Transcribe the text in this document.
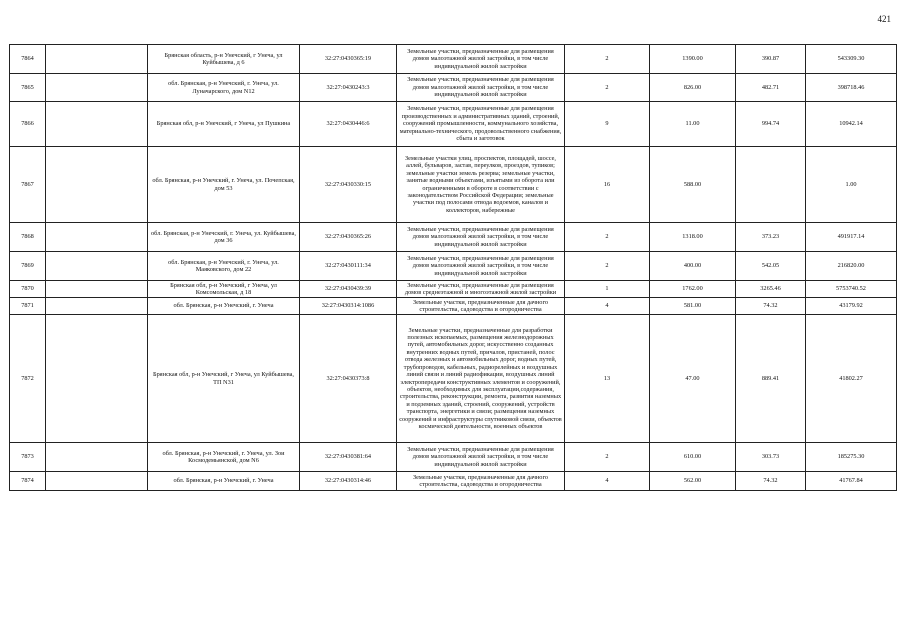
421
7864		Брянская область, р-н Унечский, г Унеча, ул Куйбышева, д 6	32:27:0430365:19	Земельные участки, предназначенные для размещения домов малоэтажной жилой застройки, в том числе индивидуальной жилой застройки	2	1390.00	390.87	543309.30
7865		обл. Брянская, р-н Унечский, г. Унеча, ул. Луначарского, дом N12	32:27:0430243:3	Земельные участки, предназначенные для размещения домов малоэтажной жилой застройки, в том числе индивидуальной жилой застройки	2	826.00	482.71	398718.46
7866		Брянская обл, р-н Унечский, г Унеча, ул Пушкина	32:27:0430446:6	Земельные участки, предназначенные для размещения производственных и административных зданий, строений, сооружений промышленности, коммунального хозяйства, материально-технического, продовольственного снабжения, сбыта и заготовок	9	11.00	994.74	10942.14
7867		обл. Брянская, р-н Унечский, г. Унеча, ул. Почепская, дом 53	32:27:0430330:15	Земельные участки улиц, проспектов, площадей, шоссе, аллей, бульваров, застав, переулков, проездов, тупиков; земельные участки земель резерва; земельные участки, занятые водными объектами, изъятыми из оборота или ограниченными в обороте в соответствии с законодательством Российской Федерации; земельные участки под полосами отвода водоемов, каналов и коллекторов, набережные	16	588.00		1.00
7868		обл. Брянская, р-н Унечский, г. Унеча, ул. Куйбышева, дом 36	32:27:0430365:26	Земельные участки, предназначенные для размещения домов малоэтажной жилой застройки, в том числе индивидуальной жилой застройки	2	1318.00	373.23	491917.14
7869		обл. Брянская, р-н Унечский, г. Унеча, ул. Маяковского, дом 22	32:27:0430111:34	Земельные участки, предназначенные для размещения домов малоэтажной жилой застройки, в том числе индивидуальной жилой застройки	2	400.00	542.05	216820.00
7870		Брянская обл, р-н Унечский, г Унеча, ул Комсомольская, д 18	32:27:0430439:39	Земельные участки, предназначенные для размещения домов среднеэтажной и многоэтажной жилой застройки	1	1762.00	3265.46	5753740.52
7871		обл. Брянская, р-н Унечский, г. Унеча	32:27:0430314:1086	Земельные участки, предназначенные для дачного строительства, садоводства и огородничества	4	581.00	74.32	43179.92
7872		Брянская обл, р-н Унечский, г Унеча, ул Куйбышева, ТП N31	32:27:0430373:8	Земельные участки, предназначенные для разработки полезных ископаемых, размещения железнодорожных путей, автомобильных дорог, искусственно созданных внутренних водных путей, причалов, пристаней, полос отвода железных и автомобильных дорог, водных путей, трубопроводов, кабельных, радиорелейных и воздушных линий связи и линий радиофикации, воздушных линий электропередачи конструктивных элементов и сооружений, объектов, необходимых для эксплуатации,содержания, строительства, реконструкции, ремонта, развития наземных и подземных зданий, строений, сооружений, устройств транспорта, энергетики и связи; размещения наземных сооружений и инфраструктуры спутниковой связи, объектов космической деятельности, военных объектов	13	47.00	889.41	41802.27
7873		обл. Брянская, р-н Унечский, г. Унеча, ул. Зои Космодемьянской, дом N6	32:27:0430381:64	Земельные участки, предназначенные для размещения домов малоэтажной жилой застройки, в том числе индивидуальной жилой застройки	2	610.00	303.73	185275.30
7874		обл. Брянская, р-н Унечский, г. Унеча	32:27:0430314:46	Земельные участки, предназначенные для дачного строительства, садоводства и огородничества	4	562.00	74.32	41767.84
